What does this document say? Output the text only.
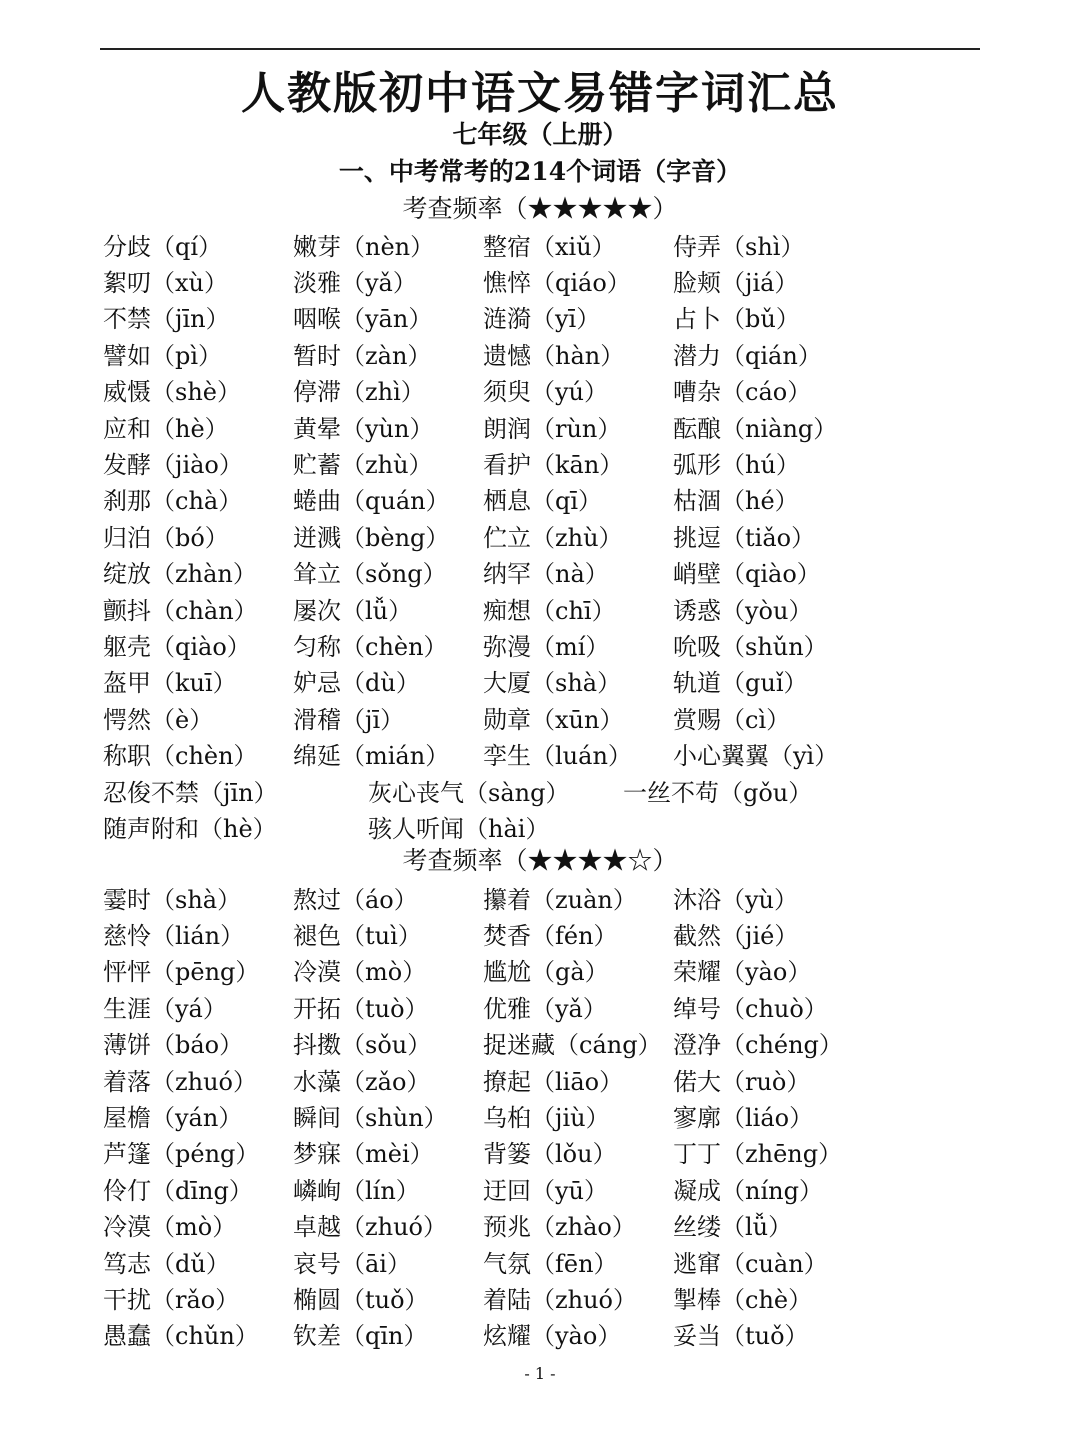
人教版初中语文易错字词汇总
七年级（上册）
一、中考常考的214个词语（字音）
考查频率（★★★★★）
分歧（qí）	嫩芽（nèn）	整宿（xiǔ）	侍弄（shì）
絮叨（xù）	淡雅（yǎ）	憔悴（qiáo）	脸颊（jiá）
不禁（jīn）	咽喉（yān）	涟漪（yī）	占卜（bǔ）
譬如（pì）	暂时（zàn）	遗憾（hàn）	潜力（qián）
威慑（shè）	停滞（zhì）	须臾（yú）	嘈杂（cáo）
应和（hè）	黄晕（yùn）	朗润（rùn）	酝酿（niàng）
发酵（jiào）	贮蓄（zhù）	看护（kān）	弧形（hú）
刹那（chà）	蜷曲（quán）	栖息（qī）	枯涸（hé）
归泊（bó）	迸溅（bèng）	伫立（zhù）	挑逗（tiǎo）
绽放（zhàn）	耸立（sǒng）	纳罕（nà）	峭壁（qiào）
颤抖（chàn）	屡次（lǚ）	痴想（chī）	诱惑（yòu）
躯壳（qiào）	匀称（chèn）	弥漫（mí）	吮吸（shǔn）
盔甲（kuī）	妒忌（dù）	大厦（shà）	轨道（guǐ）
愕然（è）	滑稽（jī）	勋章（xūn）	赏赐（cì）
称职（chèn）	绵延（mián）	孪生（luán）	小心翼翼（yì）
忍俊不禁（jīn）	灰心丧气（sàng）	一丝不苟（gǒu）
随声附和（hè）	骇人听闻（hài）
考查频率（★★★★☆）
霎时（shà）	熬过（áo）	攥着（zuàn）	沐浴（yù）
慈怜（lián）	褪色（tuì）	焚香（fén）	截然（jié）
怦怦（pēng）	冷漠（mò）	尴尬（gà）	荣耀（yào）
生涯（yá）	开拓（tuò）	优雅（yǎ）	绰号（chuò）
薄饼（báo）	抖擞（sǒu）	捉迷藏（cáng） 澄净（chéng）
着落（zhuó）	水藻（zǎo）	撩起（liāo）	偌大（ruò）
屋檐（yán）	瞬间（shùn）	乌桕（jiù）	寥廓（liáo）
芦篷（péng）	梦寐（mèi）	背篓（lǒu）	丁丁（zhēng）
伶仃（dīng）	嶙峋（lín）	迂回（yū）	凝成（níng）
冷漠（mò）	卓越（zhuó）	预兆（zhào）	丝缕（lǚ）
笃志（dǔ）	哀号（āi）	气氛（fēn）	逃窜（cuàn）
干扰（rǎo）	椭圆（tuǒ）	着陆（zhuó）	掣棒（chè）
愚蠢（chǔn）	钦差（qīn）	炫耀（yào）	妥当（tuǒ）
- 1 -
